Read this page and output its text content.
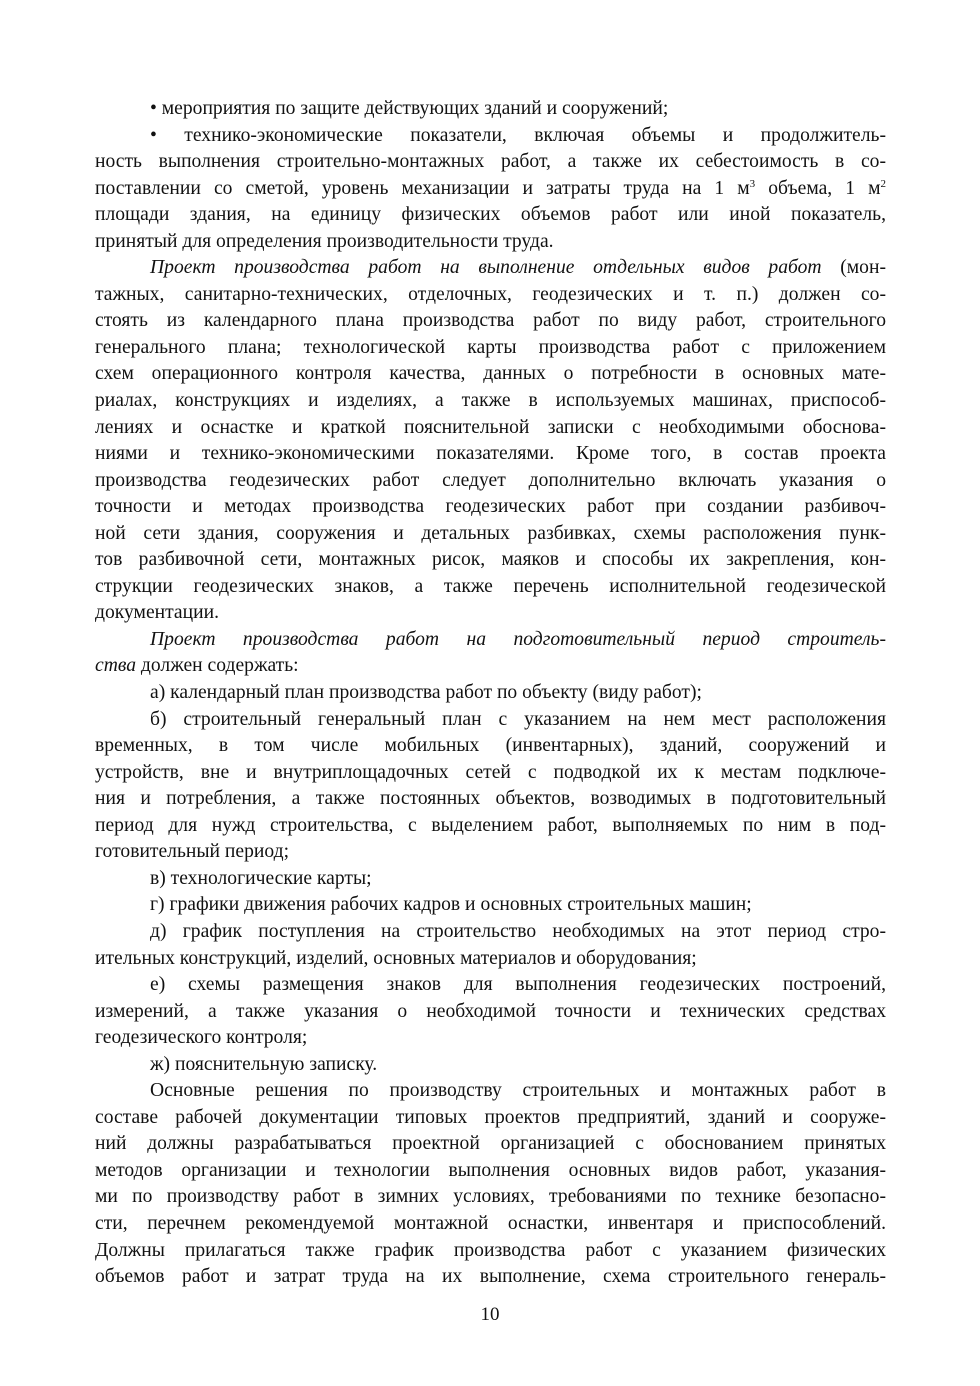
• мероприятия по защите действующих зданий и сооружений;
• технико-экономические показатели, включая объемы и продолжитель-
ность выполнения строительно-монтажных работ, а также их себестоимость в со-
поставлении со сметой, уровень механизации и затраты труда на 1 $м^3$ объема, 1 $м^2$
площади здания, на единицу физических объемов работ или иной показатель,
принятый для определения производительности труда.
Проект производства работ на выполнение отдельных видов работ (мон-
тажных, санитарно-технических, отделочных, геодезических и т. п.) должен со-
стоять из календарного плана производства работ по виду работ, строительного
генерального плана; технологической карты производства работ с приложением
схем операционного контроля качества, данных о потребности в основных мате-
риалах, конструкциях и изделиях, а также в используемых машинах, приспособ-
лениях и оснастке и краткой пояснительной записки с необходимыми обоснова-
ниями и технико-экономическими показателями. Кроме того, в состав проекта
производства геодезических работ следует дополнительно включать указания о
точности и методах производства геодезических работ при создании разбивоч-
ной сети здания, сооружения и детальных разбивках, схемы расположения пунк-
тов разбивочной сети, монтажных рисок, маяков и способы их закрепления, кон-
струкции геодезических знаков, а также перечень исполнительной геодезической
документации.
Проект производства работ на подготовительный период строитель-
ства должен содержать:
а) календарный план производства работ по объекту (виду работ);
б) строительный генеральный план с указанием на нем мест расположения
временных, в том числе мобильных (инвентарных), зданий, сооружений и
устройств, вне и внутриплощадочных сетей с подводкой их к местам подключе-
ния и потребления, а также постоянных объектов, возводимых в подготовительный
период для нужд строительства, с выделением работ, выполняемых по ним в под-
готовительный период;
в) технологические карты;
г) графики движения рабочих кадров и основных строительных машин;
д) график поступления на строительство необходимых на этот период стро-
ительных конструкций, изделий, основных материалов и оборудования;
е) схемы размещения знаков для выполнения геодезических построений,
измерений, а также указания о необходимой точности и технических средствах
геодезического контроля;
ж) пояснительную записку.
Основные решения по производству строительных и монтажных работ в
составе рабочей документации типовых проектов предприятий, зданий и сооруже-
ний должны разрабатываться проектной организацией с обоснованием принятых
методов организации и технологии выполнения основных видов работ, указания-
ми по производству работ в зимних условиях, требованиями по технике безопасно-
сти, перечнем рекомендуемой монтажной оснастки, инвентаря и приспособлений.
Должны прилагаться также график производства работ с указанием физических
объемов работ и затрат труда на их выполнение, схема строительного генераль-
10
